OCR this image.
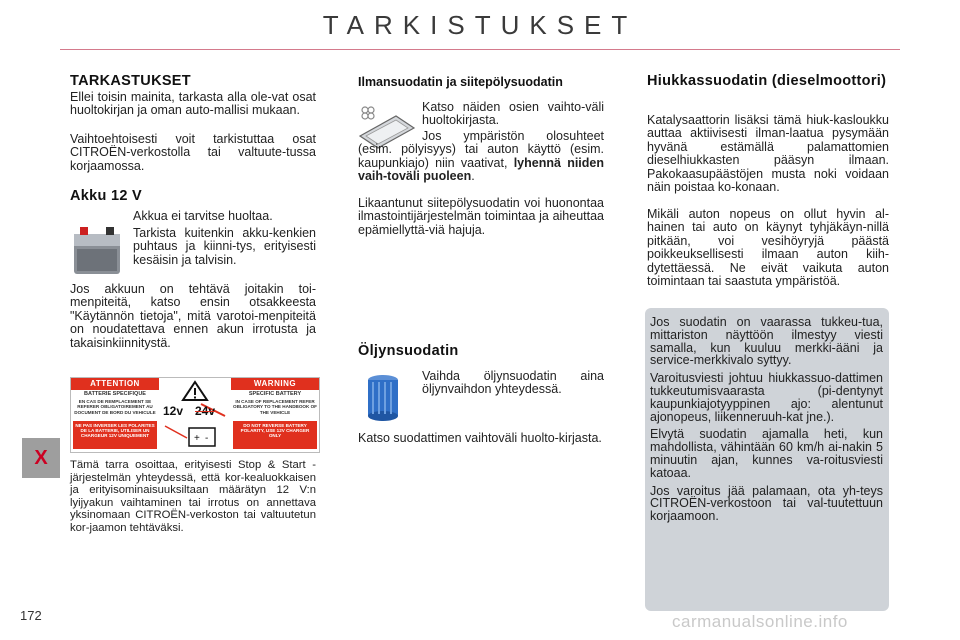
TARKISTUKSET
X
TARKASTUKSET

Ellei toisin mainita, tarkasta alla ole-vat osat huoltokirjan ja oman auto-mallisi mukaan.

Vaihtoehtoisesti voit tarkistuttaa osat CITROËN-verkostolla tai valtuute-tussa korjaamossa.

Akku 12 V

Akkua ei tarvitse huoltaa.

Tarkista kuitenkin akku-kenkien puhtaus ja kiinni-tys, erityisesti kesäisin ja talvisin.

Jos akkuun on tehtävä joitakin toi-menpiteitä, katso ensin otsakkeesta "Käytännön tietoja", mitä varotoi-menpiteitä on noudatettava ennen akun irrotusta ja takaisinkiinnitystä.

ATTENTION	WARNING
BATTERIE SPECIFIQUE
EN CAS DE REMPLACEMENT SE REFERER OBLIGATOIREMENT AU DOCUMENT DE BORD DU VEHICULE
NE PAS INVERSER LES POLARITES DE LA BATTERIE, UTILISER UN CHARGEUR 12V UNIQUEMENT
SPECIFIC BATTERY
IN CASE OF REPLACEMENT REFER OBLIGATORY TO THE HANDBOOK OF THE VEHICLE
DO NOT REVERSE BATTERY POLARITY, USE 12V CHARGER ONLY
+ -
12v 24v

Tämä tarra osoittaa, erityisesti Stop & Start -järjestelmän yhteydessä, että kor-kealuokkaisen ja erityisominaisuuksiltaan määrätyn 12 V:n lyijyakun vaihtaminen tai irrotus on annettava yksinomaan CITROËN-verkoston tai valtuutetun kor-jaamon tehtäväksi.

Ilmansuodatin ja siitepölysuodatin

Katso näiden osien vaihto-väli huoltokirjasta.

Jos ympäristön olosuhteet (esim. pölyisyys) tai auton käyttö (esim. kaupunkiajo) niin vaativat, lyhennä niiden vaih-toväli puoleen.

Likaantunut siitepölysuodatin voi huonontaa ilmastointijärjestelmän toimintaa ja aiheuttaa epämiellyttä-viä hajuja.

Öljynsuodatin

Vaihda öljynsuodatin aina öljynvaihdon yhteydessä.

Katso suodattimen vaihtoväli huolto-kirjasta.

Hiukkassuodatin (dieselmoottori)

Katalysaattorin lisäksi tämä hiuk-kasloukku auttaa aktiivisesti ilman-laatua pysymään hyvänä estämällä palamattomien dieselhiukkasten pääsyn ilmaan. Pakokaasupäästöjen musta noki voidaan näin poistaa ko-konaan.

Mikäli auton nopeus on ollut hyvin al-hainen tai auto on käynyt tyhjäkäyn-nillä pitkään, voi vesihöyryjä päästä poikkeuksellisesti ilmaan auton kiih-dytettäessä. Ne eivät vaikuta auton toimintaan tai saastuta ympäristöä.

Jos suodatin on vaarassa tukkeu-tua, mittariston näyttöön ilmestyy viesti samalla, kun kuuluu merkki-ääni ja service-merkkivalo syttyy.

Varoitusviesti johtuu hiukkassuo-dattimen tukkeutumisvaarasta (pi-dentynyt kaupunkiajotyyppinen ajo: alentunut ajonopeus, liikenneruuh-kat jne.).

Elvytä suodatin ajamalla heti, kun mahdollista, vähintään 60 km/h ai-nakin 5 minuutin ajan, kunnes va-roitusviesti katoaa.

Jos varoitus jää palamaan, ota yh-teys CITROËN-verkostoon tai val-tuutettuun korjaamoon.

172	carmanualsonline.info
